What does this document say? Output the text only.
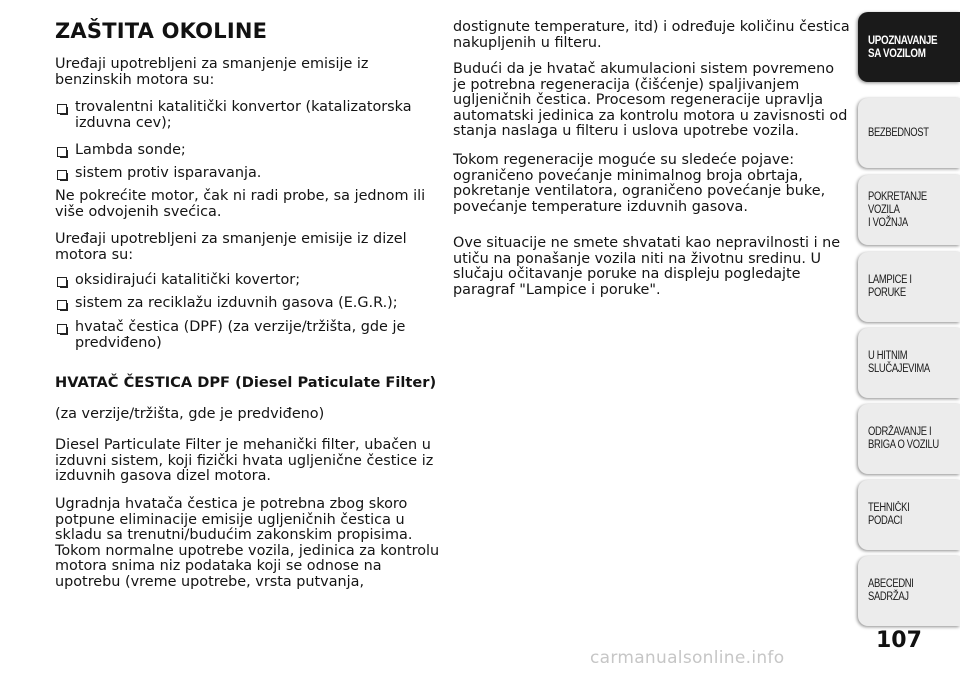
ZAŠTITA OKOLINE

Uređaji upotrebljeni za smanjenje emisije iz benzinskih motora su:

trovalentni katalitički konvertor (katalizatorska izduvna cev);

Lambda sonde;

sistem protiv isparavanja.

Ne pokrećite motor, čak ni radi probe, sa jednom ili više odvojenih svećica.

Uređaji upotrebljeni za smanjenje emisije iz dizel motora su:

oksidirajući katalitički kovertor;

sistem za reciklažu izduvnih gasova (E.G.R.);

hvatač čestica (DPF) (za verzije/tržišta, gde je predviđeno)

HVATAČ ČESTICA DPF (Diesel Paticulate Filter)

(za verzije/tržišta, gde je predviđeno)

Diesel Particulate Filter je mehanički filter, ubačen u izduvni sistem, koji fizički hvata ugljenične čestice iz izduvnih gasova dizel motora.

Ugradnja hvatača čestica je potrebna zbog skoro potpune eliminacije emisije ugljeničnih čestica u skladu sa trenutni/budućim zakonskim propisima. Tokom normalne upotrebe vozila, jedinica za kontrolu motora snima niz podataka koji se odnose na upotrebu (vreme upotrebe, vrsta putvanja,

dostignute temperature, itd) i određuje količinu čestica nakupljenih u filteru.

Budući da je hvatač akumulacioni sistem povremeno je potrebna regeneracija (čišćenje) spaljivanjem ugljeničnih čestica. Procesom regeneracije upravlja automatski jedinica za kontrolu motora u zavisnosti od stanja naslaga u filteru i uslova upotrebe vozila.

Tokom regeneracije moguće su sledeće pojave: ograničeno povećanje minimalnog broja obrtaja, pokretanje ventilatora, ograničeno povećanje buke, povećanje temperature izduvnih gasova.

Ove situacije ne smete shvatati kao nepravilnosti i ne utiču na ponašanje vozila niti na životnu sredinu. U slučaju očitavanje poruke na displeju pogledajte paragraf "Lampice i poruke".

UPOZNAVANJE
SA VOZILOM
BEZBEDNOST
POKRETANJE VOZILA
I VOŽNJA
LAMPICE I PORUKE
U HITNIM
SLUČAJEVIMA
ODRŽAVANJE I
BRIGA O VOZILU
TEHNIČKI PODACI
ABECEDNI SADRŽAJ
107
carmanualsonline.info
